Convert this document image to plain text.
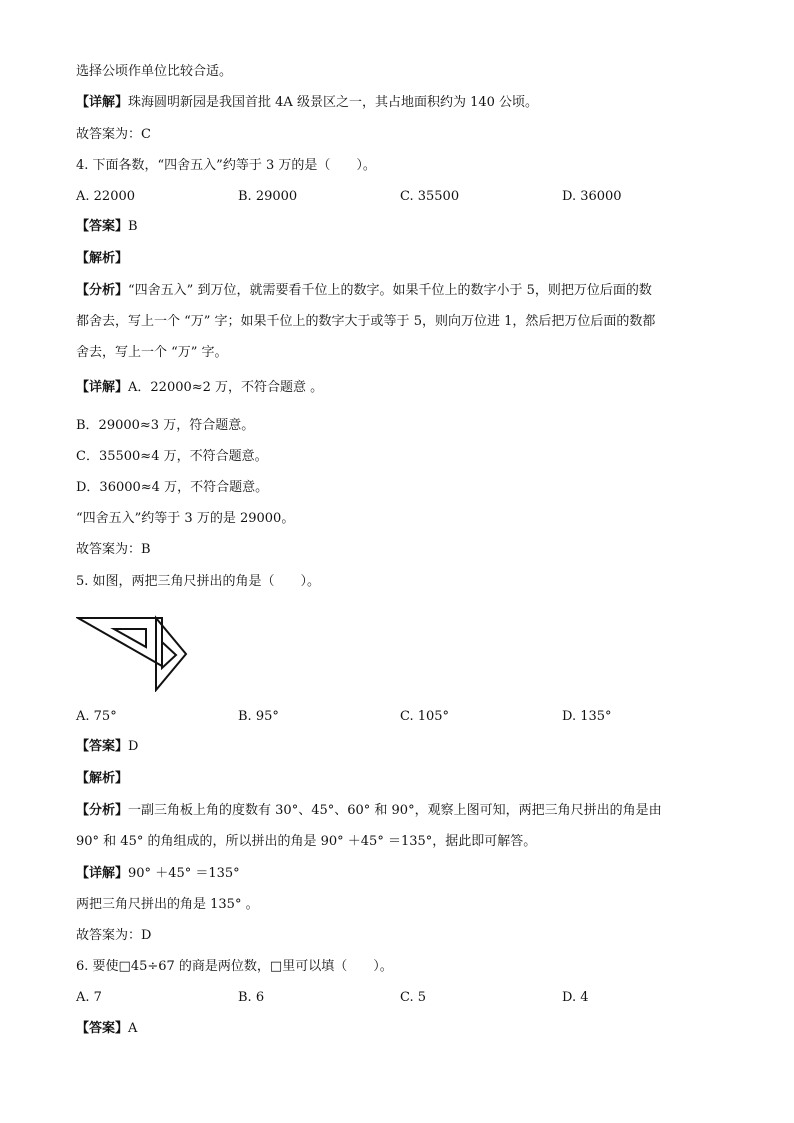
选择公顷作单位比较合适。
【详解】珠海圆明新园是我国首批 4A 级景区之一，其占地面积约为 140 公顷。
故答案为：C
4. 下面各数，“四舍五入”约等于 3 万的是（　　）。
A. 22000	B. 29000	C. 35500	D. 36000
【答案】B
【解析】
【分析】“四舍五入” 到万位，就需要看千位上的数字。如果千位上的数字小于 5，则把万位后面的数
都舍去，写上一个 “万” 字；如果千位上的数字大于或等于 5，则向万位进 1，然后把万位后面的数都
舍去，写上一个 “万” 字。
【详解】A．22000≈2 万，不符合题意 。
B．29000≈3 万，符合题意。
C．35500≈4 万，不符合题意。
D．36000≈4 万，不符合题意。
“四舍五入”约等于 3 万的是 29000。
故答案为：B
5. 如图，两把三角尺拼出的角是（　　）。
A. 75°	B. 95°	C. 105°	D. 135°
【答案】D
【解析】
【分析】一副三角板上角的度数有 30°、45°、60° 和 90°，观察上图可知，两把三角尺拼出的角是由
90° 和 45° 的角组成的，所以拼出的角是 90° ＋45° ＝135°，据此即可解答。
【详解】90° ＋45° ＝135°
两把三角尺拼出的角是 135° 。
故答案为：D
6. 要使□45÷67 的商是两位数，□里可以填（　　）。
A. 7	B. 6	C. 5	D. 4
【答案】A
